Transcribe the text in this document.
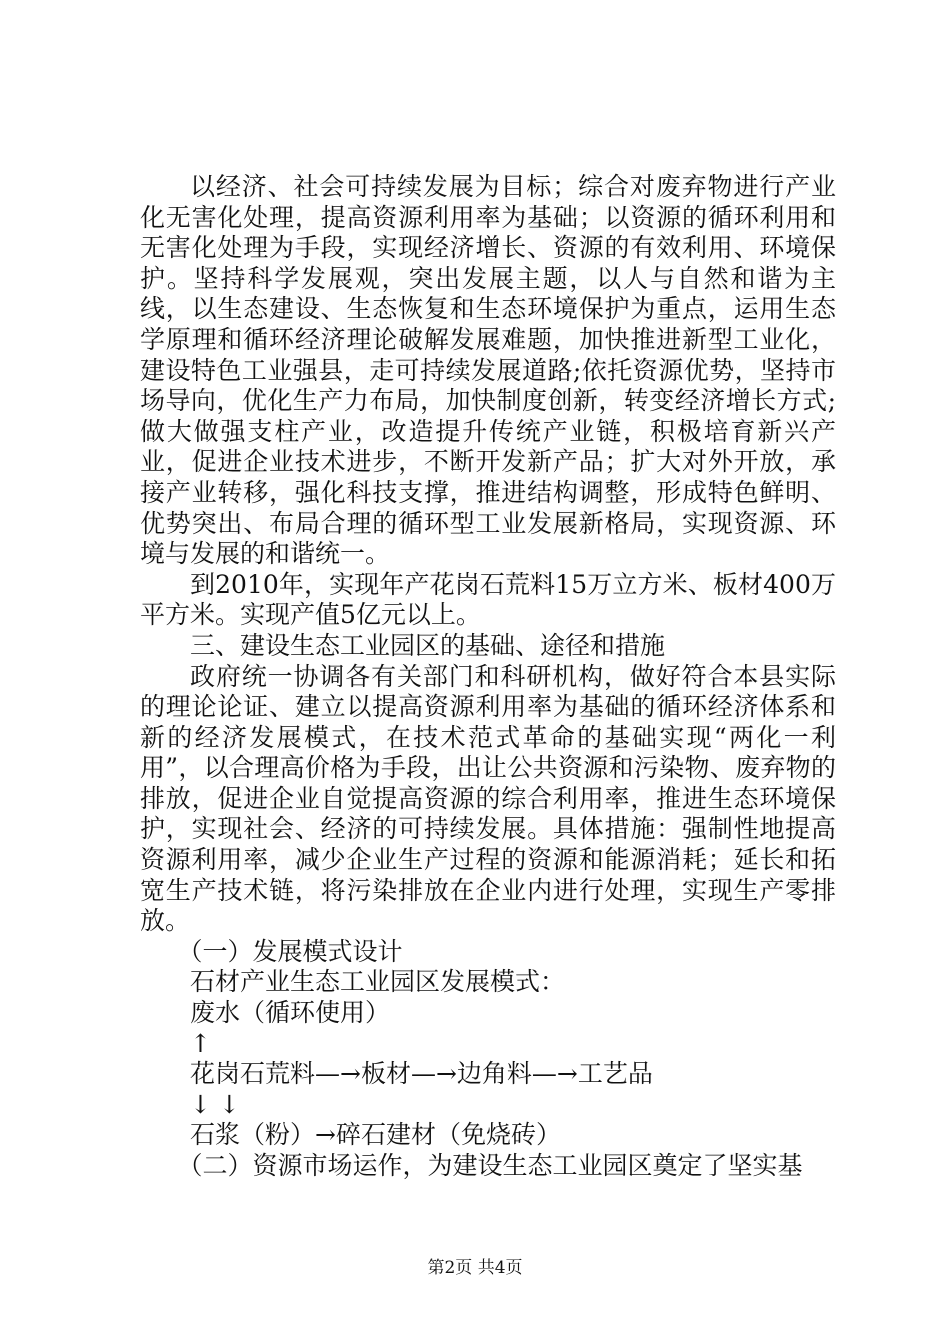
以经济、社会可持续发展为目标；综合对废弃物进行产业化无害化处理，提高资源利用率为基础；以资源的循环利用和无害化处理为手段，实现经济增长、资源的有效利用、环境保护。坚持科学发展观，突出发展主题，以人与自然和谐为主线，以生态建设、生态恢复和生态环境保护为重点，运用生态学原理和循环经济理论破解发展难题，加快推进新型工业化，建设特色工业强县，走可持续发展道路;依托资源优势，坚持市场导向，优化生产力布局，加快制度创新，转变经济增长方式;做大做强支柱产业，改造提升传统产业链，积极培育新兴产业，促进企业技术进步，不断开发新产品；扩大对外开放，承接产业转移，强化科技支撑，推进结构调整，形成特色鲜明、优势突出、布局合理的循环型工业发展新格局，实现资源、环境与发展的和谐统一。

到2010年，实现年产花岗石荒料15万立方米、板材400万平方米。实现产值5亿元以上。

三、建设生态工业园区的基础、途径和措施

政府统一协调各有关部门和科研机构，做好符合本县实际的理论论证、建立以提高资源利用率为基础的循环经济体系和新的经济发展模式，在技术范式革命的基础实现“两化一利用”，以合理高价格为手段，出让公共资源和污染物、废弃物的排放，促进企业自觉提高资源的综合利用率，推进生态环境保护，实现社会、经济的可持续发展。具体措施：强制性地提高资源利用率，减少企业生产过程的资源和能源消耗；延长和拓宽生产技术链，将污染排放在企业内进行处理，实现生产零排放。

（一）发展模式设计

石材产业生态工业园区发展模式：

废水（循环使用）

↑

花岗石荒料—→板材—→边角料—→工艺品

↓ ↓

石浆（粉）→碎石建材（免烧砖）

（二）资源市场运作，为建设生态工业园区奠定了坚实基

第2页 共4页
